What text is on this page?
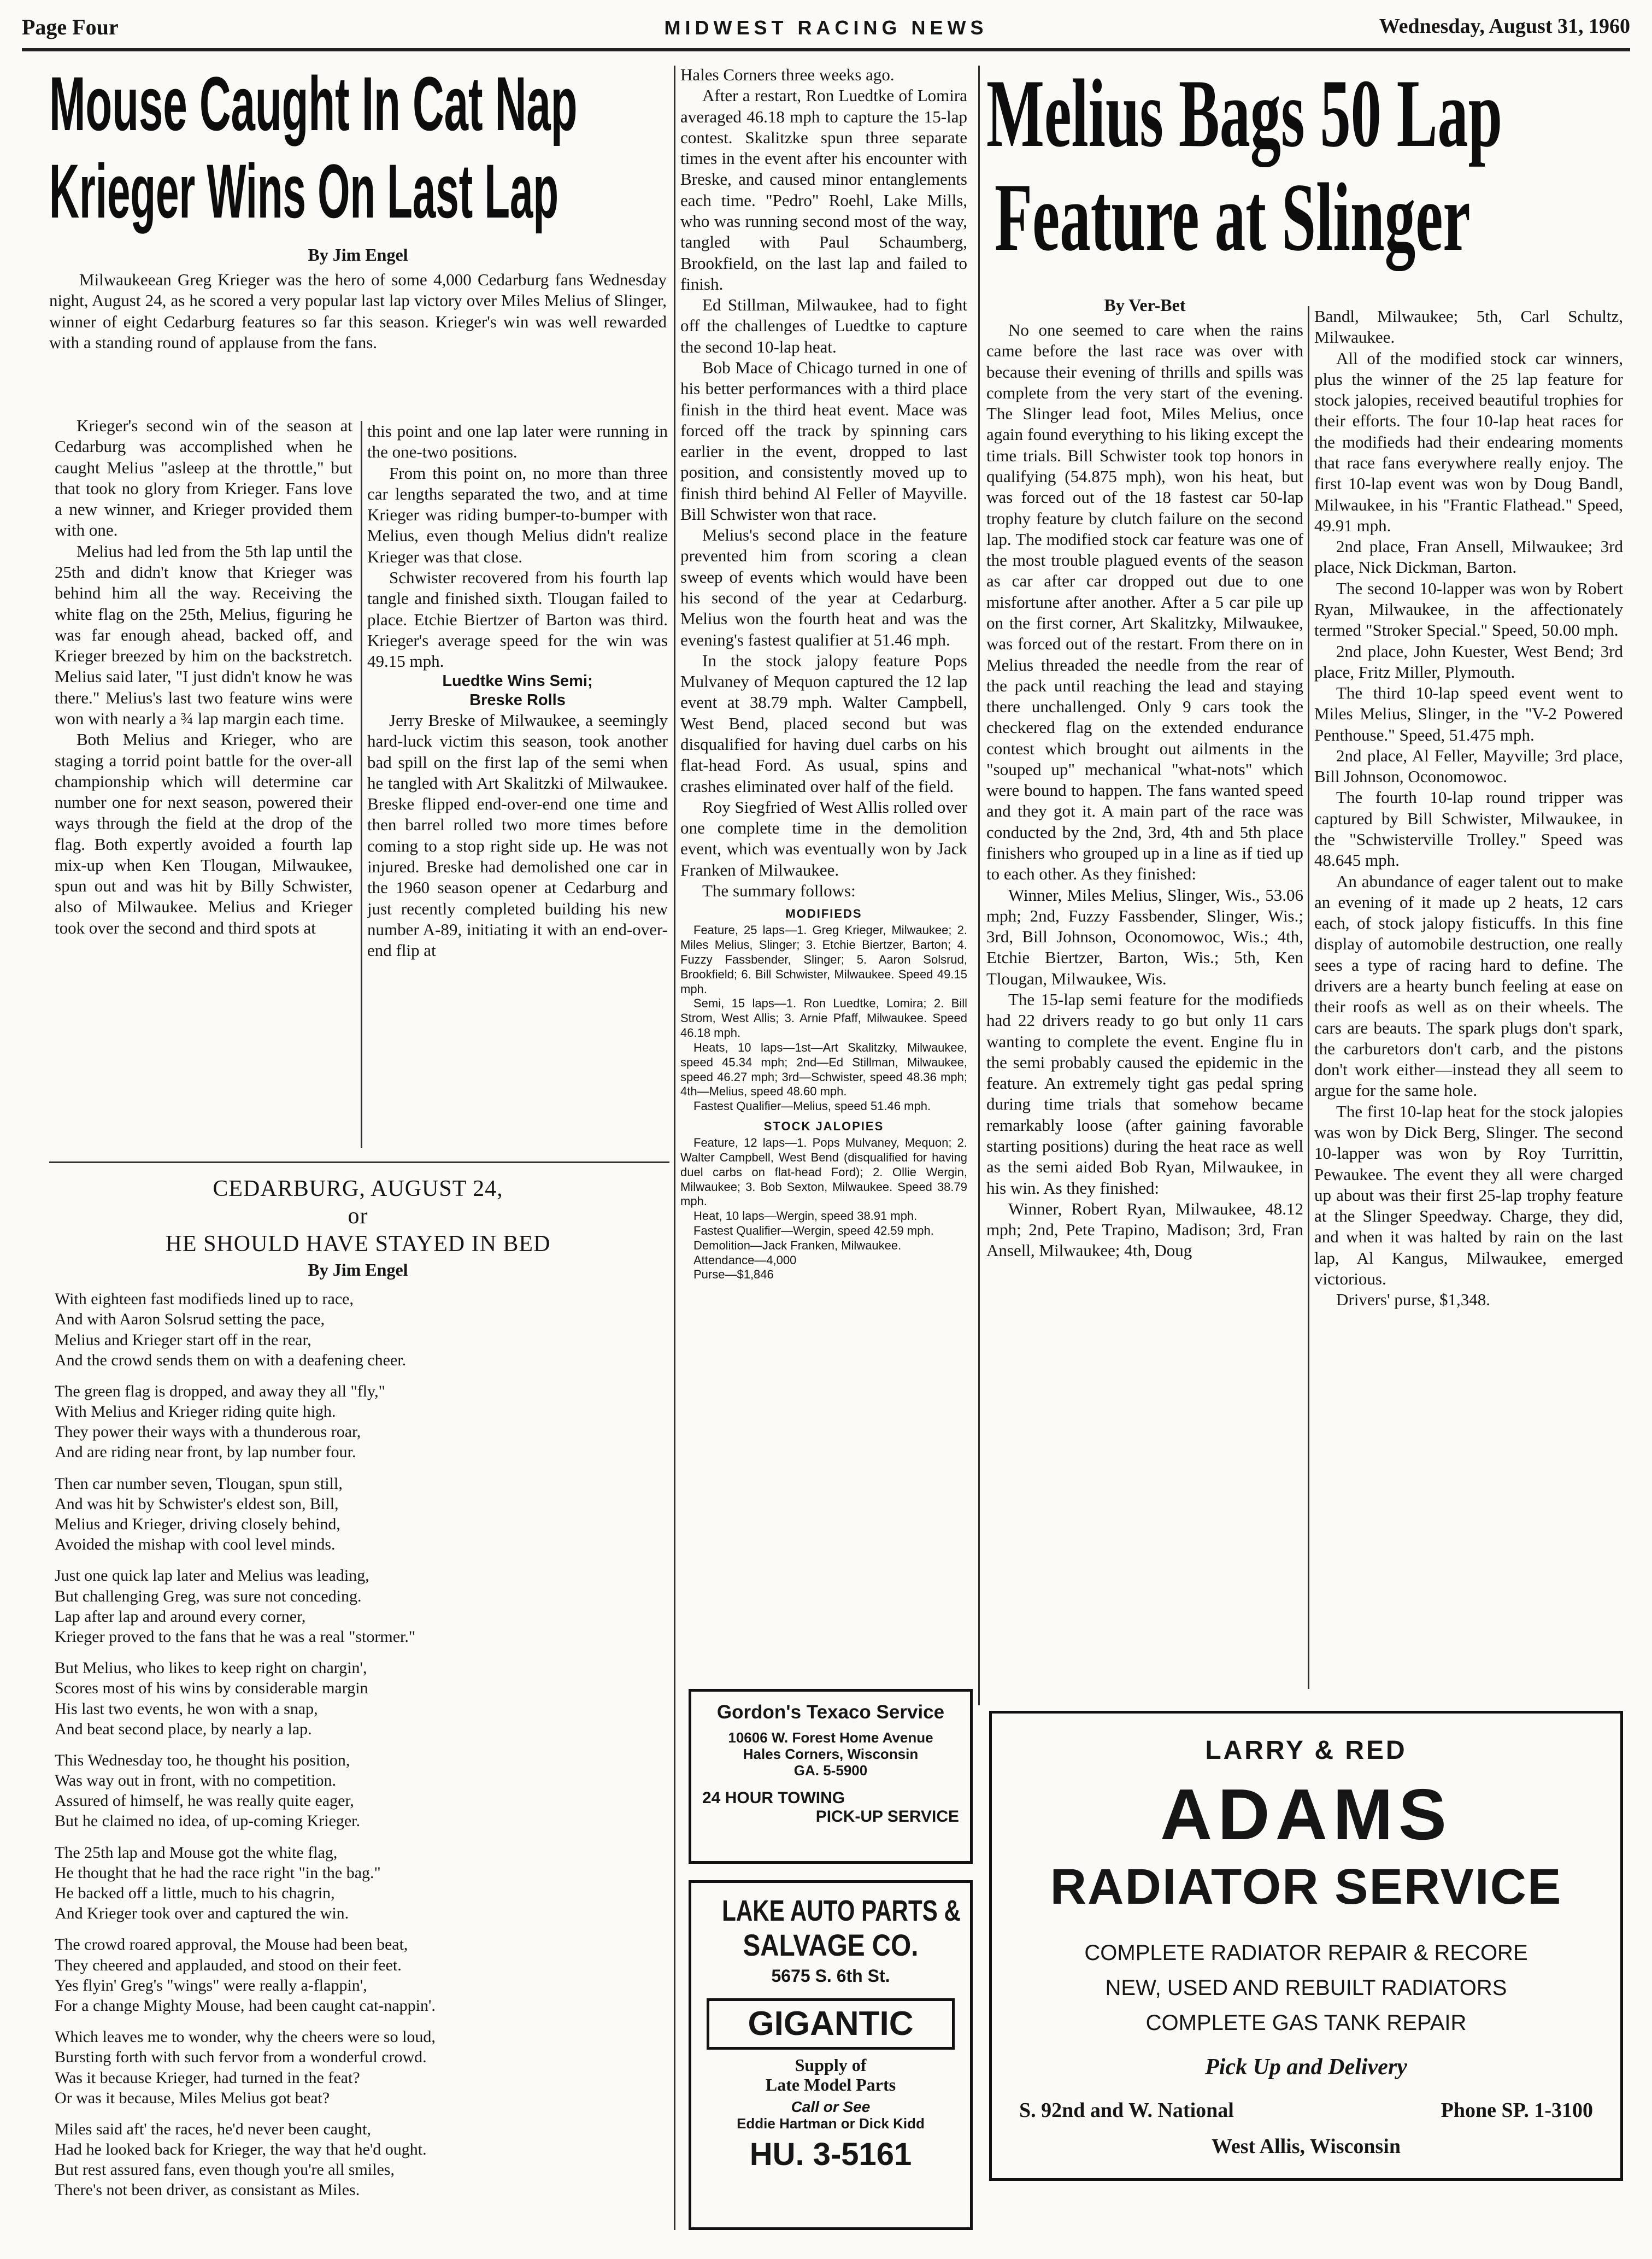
Page Four	MIDWEST RACING NEWS	Wednesday, August 31, 1960
Mouse Caught In Cat Nap
Krieger Wins On Last Lap
By Jim Engel

Milwaukeean Greg Krieger was the hero of some 4,000 Cedarburg fans Wednesday night, August 24, as he scored a very popular last lap victory over Miles Melius of Slinger, winner of eight Cedarburg features so far this season. Krieger's win was well rewarded with a standing round of applause from the fans.

Krieger's second win of the season at Cedarburg was accomplished when he caught Melius "asleep at the throttle," but that took no glory from Krieger. Fans love a new winner, and Krieger provided them with one.

Melius had led from the 5th lap until the 25th and didn't know that Krieger was behind him all the way. Receiving the white flag on the 25th, Melius, figuring he was far enough ahead, backed off, and Krieger breezed by him on the backstretch. Melius said later, "I just didn't know he was there." Melius's last two feature wins were won with nearly a ¾ lap margin each time.

Both Melius and Krieger, who are staging a torrid point battle for the over-all championship which will determine car number one for next season, powered their ways through the field at the drop of the flag. Both expertly avoided a fourth lap mix-up when Ken Tlougan, Milwaukee, spun out and was hit by Billy Schwister, also of Milwaukee. Melius and Krieger took over the second and third spots at

this point and one lap later were running in the one-two positions.

From this point on, no more than three car lengths separated the two, and at time Krieger was riding bumper-to-bumper with Melius, even though Melius didn't realize Krieger was that close.

Schwister recovered from his fourth lap tangle and finished sixth. Tlougan failed to place. Etchie Biertzer of Barton was third. Krieger's average speed for the win was 49.15 mph.

Luedtke Wins Semi;
Breske Rolls

Jerry Breske of Milwaukee, a seemingly hard-luck victim this season, took another bad spill on the first lap of the semi when he tangled with Art Skalitzki of Milwaukee. Breske flipped end-over-end one time and then barrel rolled two more times before coming to a stop right side up. He was not injured. Breske had demolished one car in the 1960 season opener at Cedarburg and just recently completed building his new number A-89, initiating it with an end-over-end flip at

CEDARBURG, AUGUST 24,
or
HE SHOULD HAVE STAYED IN BED
By Jim Engel
With eighteen fast modifieds lined up to race,
And with Aaron Solsrud setting the pace,
Melius and Krieger start off in the rear,
And the crowd sends them on with a deafening cheer.
The green flag is dropped, and away they all "fly,"
With Melius and Krieger riding quite high.
They power their ways with a thunderous roar,
And are riding near front, by lap number four.
Then car number seven, Tlougan, spun still,
And was hit by Schwister's eldest son, Bill,
Melius and Krieger, driving closely behind,
Avoided the mishap with cool level minds.
Just one quick lap later and Melius was leading,
But challenging Greg, was sure not conceding.
Lap after lap and around every corner,
Krieger proved to the fans that he was a real "stormer."
But Melius, who likes to keep right on chargin',
Scores most of his wins by considerable margin
His last two events, he won with a snap,
And beat second place, by nearly a lap.
This Wednesday too, he thought his position,
Was way out in front, with no competition.
Assured of himself, he was really quite eager,
But he claimed no idea, of up-coming Krieger.
The 25th lap and Mouse got the white flag,
He thought that he had the race right "in the bag."
He backed off a little, much to his chagrin,
And Krieger took over and captured the win.
The crowd roared approval, the Mouse had been beat,
They cheered and applauded, and stood on their feet.
Yes flyin' Greg's "wings" were really a-flappin',
For a change Mighty Mouse, had been caught cat-nappin'.
Which leaves me to wonder, why the cheers were so loud,
Bursting forth with such fervor from a wonderful crowd.
Was it because Krieger, had turned in the feat?
Or was it because, Miles Melius got beat?
Miles said aft' the races, he'd never been caught,
Had he looked back for Krieger, the way that he'd ought.
But rest assured fans, even though you're all smiles,
There's not been driver, as consistant as Miles.

Hales Corners three weeks ago.

After a restart, Ron Luedtke of Lomira averaged 46.18 mph to capture the 15-lap contest. Skalitzke spun three separate times in the event after his encounter with Breske, and caused minor entanglements each time. "Pedro" Roehl, Lake Mills, who was running second most of the way, tangled with Paul Schaumberg, Brookfield, on the last lap and failed to finish.

Ed Stillman, Milwaukee, had to fight off the challenges of Luedtke to capture the second 10-lap heat.

Bob Mace of Chicago turned in one of his better performances with a third place finish in the third heat event. Mace was forced off the track by spinning cars earlier in the event, dropped to last position, and consistently moved up to finish third behind Al Feller of Mayville. Bill Schwister won that race.

Melius's second place in the feature prevented him from scoring a clean sweep of events which would have been his second of the year at Cedarburg. Melius won the fourth heat and was the evening's fastest qualifier at 51.46 mph.

In the stock jalopy feature Pops Mulvaney of Mequon captured the 12 lap event at 38.79 mph. Walter Campbell, West Bend, placed second but was disqualified for having duel carbs on his flat-head Ford. As usual, spins and crashes eliminated over half of the field.

Roy Siegfried of West Allis rolled over one complete time in the demolition event, which was eventually won by Jack Franken of Milwaukee.

The summary follows:

MODIFIEDS

Feature, 25 laps—1. Greg Krieger, Milwaukee; 2. Miles Melius, Slinger; 3. Etchie Biertzer, Barton; 4. Fuzzy Fassbender, Slinger; 5. Aaron Solsrud, Brookfield; 6. Bill Schwister, Milwaukee. Speed 49.15 mph.

Semi, 15 laps—1. Ron Luedtke, Lomira; 2. Bill Strom, West Allis; 3. Arnie Pfaff, Milwaukee. Speed 46.18 mph.

Heats, 10 laps—1st—Art Skalitzky, Milwaukee, speed 45.34 mph; 2nd—Ed Stillman, Milwaukee, speed 46.27 mph; 3rd—Schwister, speed 48.36 mph; 4th—Melius, speed 48.60 mph.

Fastest Qualifier—Melius, speed 51.46 mph.

STOCK JALOPIES

Feature, 12 laps—1. Pops Mulvaney, Mequon; 2. Walter Campbell, West Bend (disqualified for having duel carbs on flat-head Ford); 2. Ollie Wergin, Milwaukee; 3. Bob Sexton, Milwaukee. Speed 38.79 mph.

Heat, 10 laps—Wergin, speed 38.91 mph.

Fastest Qualifier—Wergin, speed 42.59 mph.

Demolition—Jack Franken, Milwaukee.

Attendance—4,000

Purse—$1,846

Gordon's Texaco Service
10606 W. Forest Home Avenue
Hales Corners, Wisconsin
GA. 5-5900
24 HOUR TOWING
PICK-UP SERVICE
LAKE AUTO PARTS &
SALVAGE CO.
5675 S. 6th St.
GIGANTIC
Supply of
Late Model Parts
Call or See
Eddie Hartman or Dick Kidd
HU. 3-5161
Melius Bags 50 Lap
Feature at Slinger
By Ver-Bet

No one seemed to care when the rains came before the last race was over with because their evening of thrills and spills was complete from the very start of the evening. The Slinger lead foot, Miles Melius, once again found everything to his liking except the time trials. Bill Schwister took top honors in qualifying (54.875 mph), won his heat, but was forced out of the 18 fastest car 50-lap trophy feature by clutch failure on the second lap. The modified stock car feature was one of the most trouble plagued events of the season as car after car dropped out due to one misfortune after another. After a 5 car pile up on the first corner, Art Skalitzky, Milwaukee, was forced out of the restart. From there on in Melius threaded the needle from the rear of the pack until reaching the lead and staying there unchallenged. Only 9 cars took the checkered flag on the extended endurance contest which brought out ailments in the "souped up" mechanical "what-nots" which were bound to happen. The fans wanted speed and they got it. A main part of the race was conducted by the 2nd, 3rd, 4th and 5th place finishers who grouped up in a line as if tied up to each other. As they finished:

Winner, Miles Melius, Slinger, Wis., 53.06 mph; 2nd, Fuzzy Fassbender, Slinger, Wis.; 3rd, Bill Johnson, Oconomowoc, Wis.; 4th, Etchie Biertzer, Barton, Wis.; 5th, Ken Tlougan, Milwaukee, Wis.

The 15-lap semi feature for the modifieds had 22 drivers ready to go but only 11 cars wanting to complete the event. Engine flu in the semi probably caused the epidemic in the feature. An extremely tight gas pedal spring during time trials that somehow became remarkably loose (after gaining favorable starting positions) during the heat race as well as the semi aided Bob Ryan, Milwaukee, in his win. As they finished:

Winner, Robert Ryan, Milwaukee, 48.12 mph; 2nd, Pete Trapino, Madison; 3rd, Fran Ansell, Milwaukee; 4th, Doug

Bandl, Milwaukee; 5th, Carl Schultz, Milwaukee.

All of the modified stock car winners, plus the winner of the 25 lap feature for stock jalopies, received beautiful trophies for their efforts. The four 10-lap heat races for the modifieds had their endearing moments that race fans everywhere really enjoy. The first 10-lap event was won by Doug Bandl, Milwaukee, in his "Frantic Flathead." Speed, 49.91 mph.

2nd place, Fran Ansell, Milwaukee; 3rd place, Nick Dickman, Barton.

The second 10-lapper was won by Robert Ryan, Milwaukee, in the affectionately termed "Stroker Special." Speed, 50.00 mph.

2nd place, John Kuester, West Bend; 3rd place, Fritz Miller, Plymouth.

The third 10-lap speed event went to Miles Melius, Slinger, in the "V-2 Powered Penthouse." Speed, 51.475 mph.

2nd place, Al Feller, Mayville; 3rd place, Bill Johnson, Oconomowoc.

The fourth 10-lap round tripper was captured by Bill Schwister, Milwaukee, in the "Schwisterville Trolley." Speed was 48.645 mph.

An abundance of eager talent out to make an evening of it made up 2 heats, 12 cars each, of stock jalopy fisticuffs. In this fine display of automobile destruction, one really sees a type of racing hard to define. The drivers are a hearty bunch feeling at ease on their roofs as well as on their wheels. The cars are beauts. The spark plugs don't spark, the carburetors don't carb, and the pistons don't work either—instead they all seem to argue for the same hole.

The first 10-lap heat for the stock jalopies was won by Dick Berg, Slinger. The second 10-lapper was won by Roy Turrittin, Pewaukee. The event they all were charged up about was their first 25-lap trophy feature at the Slinger Speedway. Charge, they did, and when it was halted by rain on the last lap, Al Kangus, Milwaukee, emerged victorious.

Drivers' purse, $1,348.

LARRY & RED
ADAMS
RADIATOR SERVICE
COMPLETE RADIATOR REPAIR & RECORE
NEW, USED AND REBUILT RADIATORS
COMPLETE GAS TANK REPAIR
Pick Up and Delivery
S. 92nd and W. National	Phone SP. 1-3100
West Allis, Wisconsin
